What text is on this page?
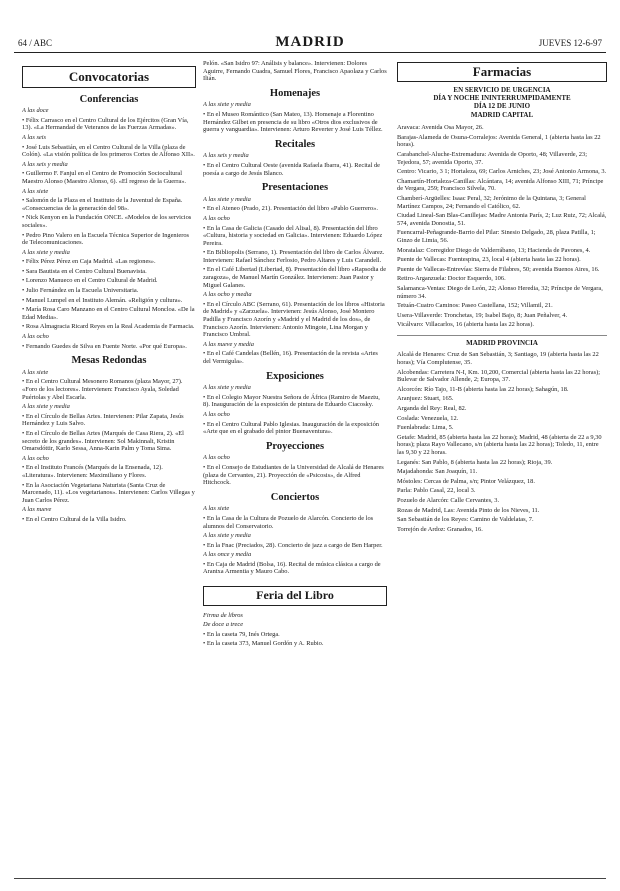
64 / ABC	MADRID	JUEVES 12-6-97
Convocatorias
Conferencias
A las doce
• Félix Carrasco en el Centro Cultural de los Ejércitos (Gran Vía, 13). «La Hermandad de Veteranos de las Fuerzas Armadas».
A las seis
• José Luis Sebastián, en el Centro Cultural de la Villa (plaza de Colón). «La visión política de los primeros Cortes de Alfonso XII».
A las seis y media
• Guillermo F. Fanjul en el Centro de Promoción Sociocultural Maestro Alonso (Maestro Alonso, 6). «El regreso de la Guerra».
A las siete
• Salomón de la Plaza en el Instituto de la Juventud de España. «Consecuencias de la generación del 98».
• Nick Kenyon en la Fundación ONCE. «Modelos de los servicios sociales».
• Pedro Pino Valero en la Escuela Técnica Superior de Ingenieros de Telecomunicaciones.
A las siete y media
• Félix Pérez Pérez en Caja Madrid. «Las regiones».
• Sara Bautista en el Centro Cultural Buenavista.
• Lorenzo Manueco en el Centro Cultural de Madrid.
• Julio Fernández en la Escuela Universitaria.
• Manuel Lumpel en el Instituto Alemán. «Religión y cultura».
• María Rosa Caro Manzano en el Centro Cultural Moncloa. «De la Edad Media».
• Rosa Almagracia Ricard Reyes en la Real Academia de Farmacia.
A las ocho
• Fernando Guedes de Silva en Fuente Norte. «Por qué Europa».
Mesas Redondas
A las siete
• En el Centro Cultural Mesonero Romanos (plaza Mayor, 27). «Foro de los lectores». Intervienen: Francisco Ayala, Soledad Puértolas y Abel Escarla.
A las siete y media
• En el Círculo de Bellas Artes. Intervienen: Pilar Zapata, Jesús Hernández y Luis Salvo.
• En el Círculo de Bellas Artes (Marqués de Casa Riera, 2). «El secreto de los grandes». Intervienen: Sol Makinnalt, Kristin Omarsdóttir, Karlo Sessa, Anna-Karin Palm y Toma Sima.
A las ocho
• En el Instituto Francés (Marqués de la Ensenada, 12). «Literatura». Intervienen: Maximiliano y Flores.
• En la Asociación Vegetariana Naturista (Santa Cruz de Marcenado, 11). «Los vegetarianos». Intervienen: Carlos Villegas y Juan Carlos Pérez.
A las nueve
• En el Centro Cultural de la Villa Isidro.
Pelón. «San Isidro 97: Análisis y balance». Intervienen: Dolores Aguirre, Fernando Cuadra, Samuel Flores, Francisco Apaolaza y Carlos Ilián.
Homenajes
A las siete y media
• En el Museo Romántico (San Mateo, 13). Homenaje a Florentino Hernández Gilbet en presencia de su libro «Otros dios exclusivos de guerra y vanguardia». Intervienen: Arturo Reverter y José Luis Téllez.
Recitales
A las seis y media
• En el Centro Cultural Oeste (avenida Rafaela Ibarra, 41). Recital de poesía a cargo de Jesús Blanco.
Presentaciones
A las siete y media
• En el Ateneo (Prado, 21). Presentación del libro «Pablo Guerrero».
A las ocho
• En la Casa de Galicia (Casado del Alisal, 8). Presentación del libro «Cultura, historia y sociedad en Galicia». Intervienen: Eduardo López Pereira.
• En Bibliopolis (Serrano, 1). Presentación del libro de Carlos Álvarez. Intervienen: Rafael Sánchez Ferlosio, Pedro Altares y Luis Carandell.
• En el Café Libertad (Libertad, 8). Presentación del libro «Rapsodia de zaragoza», de Manuel Martín González. Intervienen: Juan Pastor y Miguel Galanes.
A las ocho y media
• En el Círculo ABC (Serrano, 61). Presentación de los libros «Historia de Madrid» y «Zarzuela». Intervienen: Jesús Alonso, José Montero Padilla y Francisco Azorín y «Madrid y el Madrid de los dos», de Francisco Azorín. Intervienen: Antonio Mingote, Lina Morgan y Francisco Umbral.
A las nueve y media
• En el Café Candelas (Bellén, 16). Presentación de la revista «Artes del Vermigula».
Exposiciones
A las siete y media
• En el Colegio Mayor Nuestra Señora de África (Ramiro de Maeztu, 8). Inauguración de la exposición de pintura de Eduardo Ciacosky.
A las ocho
• En el Centro Cultural Pablo Iglesias. Inauguración de la exposición «Arte que en el grabado del pintor Buenaventura».
Proyecciones
A las ocho
• En el Consejo de Estudiantes de la Universidad de Alcalá de Henares (plaza de Cervantes, 21). Proyección de «Psicosis», de Alfred Hitchcock.
Conciertos
A las siete
• En la Casa de la Cultura de Pozuelo de Alarcón. Concierto de los alumnos del Conservatorio.
A las siete y media
• En la Fnac (Preciados, 28). Concierto de jazz a cargo de Ben Harper.
A las once y media
• En Caja de Madrid (Bolsa, 16). Recital de música clásica a cargo de Arantxa Armentia y Mauro Cabo.
Feria del Libro
Firma de libros
De doce a trece
• En la caseta 79, Inés Ortega.
• En la caseta 373, Manuel Gordón y A. Rubio.
Farmacias
EN SERVICIO DE URGENCIA
DÍA Y NOCHE ININTERRUMPIDAMENTE
DÍA 12 DE JUNIO
MADRID CAPITAL
Aravaca: Avenida Osa Mayor, 26.
Barajas-Alameda de Osuna-Corralejos: Avenida General, 1 (abierta hasta las 22 horas).
Carabanchel-Aluche-Extremadura: Avenida de Oporto, 48; Villaverde, 23; Tejedora, 57; avenida Oporto, 37.
Centro: Vicario, 3 1; Hortaleza, 69; Carlos Arniches, 23; José Antonio Armona, 3.
Chamartín-Hortaleza-Canillas: Alcántara, 14; avenida Alfonso XIII, 71; Príncipe de Vergara, 259; Francisco Silvela, 70.
Chamberí-Argüelles: Isaac Peral, 32; Jerónimo de la Quintana, 3; General Martínez Campos, 24; Fernando el Católico, 62.
Ciudad Lineal-San Blas-Canillejas: Madre Antonia París, 2; Luz Ruiz, 72; Alcalá, 574, avenida Donostia, 51.
Fuencarral-Peñagrande-Barrio del Pilar: Sinesio Delgado, 28, plaza Patilla, 1; Ginzo de Limia, 56.
Moratalaz: Corregidor Diego de Valderrábano, 13; Hacienda de Pavones, 4.
Puente de Vallecas: Fuentespina, 23, local 4 (abierta hasta las 22 horas).
Puente de Vallecas-Entrevías: Sierra de Filabres, 50; avenida Buenos Aires, 16.
Retiro-Arganzuela: Doctor Esquerdo, 106.
Salamanca-Ventas: Diego de León, 22; Alonso Heredia, 32; Príncipe de Vergara, número 34.
Tetuán-Cuatro Caminos: Paseo Castellana, 152; Villamil, 21.
Usera-Villaverde: Tronchetas, 19; Isabel Bajo, 8; Juan Peñalver, 4.
Vicálvaro: Villacarlos, 16 (abierta hasta las 22 horas).
MADRID PROVINCIA
Alcalá de Henares: Cruz de San Sebastián, 3; Santiago, 19 (abierta hasta las 22 horas); Vía Complutense, 35.
Alcobendas: Carretera N-I, Km. 10,200, Comercial (abierta hasta las 22 horas); Bulevar de Salvador Allende, 2; Europa, 37.
Alcorcón: Río Tajo, 11-B (abierta hasta las 22 horas); Sahagún, 18.
Aranjuez: Stuart, 165.
Arganda del Rey: Real, 82.
Coslada: Venezuela, 12.
Fuenlabrada: Lima, 5.
Getafe: Madrid, 85 (abierta hasta las 22 horas); Madrid, 48 (abierta de 22 a 9,30 horas); plaza Rayo Vallecano, s/n (abierta hasta las 22 horas); Toledo, 11, entre las 9,30 y 22 horas.
Leganés: San Pablo, 8 (abierta hasta las 22 horas); Rioja, 39.
Majadahonda: San Joaquín, 11.
Móstoles: Cercas de Palma, s/n; Pintor Velázquez, 18.
Parla: Pablo Casal, 22, local 3.
Pozuelo de Alarcón: Calle Cervantes, 3.
Rozas de Madrid, Las: Avenida Pinto de los Nieves, 11.
San Sebastián de los Reyes: Camino de Valdelatas, 7.
Torrejón de Ardoz: Granados, 16.
